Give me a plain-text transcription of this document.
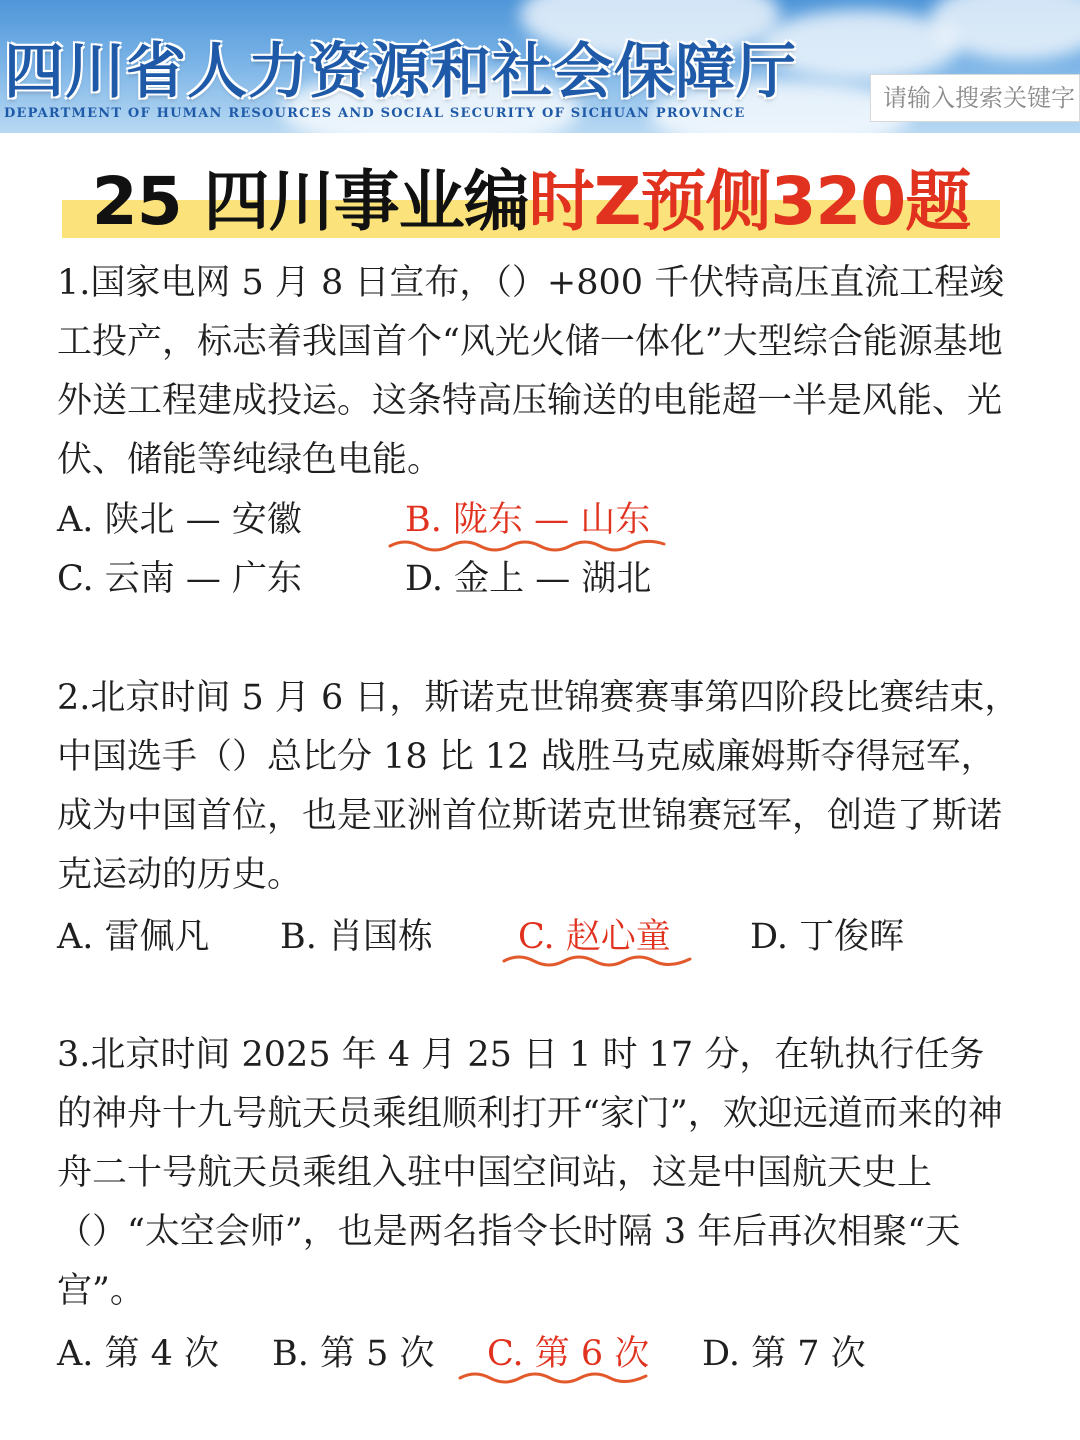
四川省人力资源和社会保障厅
DEPARTMENT OF HUMAN RESOURCES AND SOCIAL SECURITY OF SICHUAN PROVINCE
请输入搜索关键字
25 四川事业编时Z预侧320题

1.国家电网 5 月 8 日宣布，（）+800 千伏特高压直流工程竣工投产，标志着我国首个“风光火储一体化”大型综合能源基地外送工程建成投运。这条特高压输送的电能超一半是风能、光伏、储能等纯绿色电能。

A. 陕北 — 安徽	B. 陇东 — 山东
C. 云南 — 广东	D. 金上 — 湖北

2.北京时间 5 月 6 日，斯诺克世锦赛赛事第四阶段比赛结束，中国选手（）总比分 18 比 12 战胜马克威廉姆斯夺得冠军，成为中国首位，也是亚洲首位斯诺克世锦赛冠军，创造了斯诺克运动的历史。

A. 雷佩凡 B. 肖国栋 C. 赵心童 D. 丁俊晖

3.北京时间 2025 年 4 月 25 日 1 时 17 分，在轨执行任务的神舟十九号航天员乘组顺利打开“家门”，欢迎远道而来的神舟二十号航天员乘组入驻中国空间站，这是中国航天史上（）“太空会师”，也是两名指令长时隔 3 年后再次相聚“天宫”。

A. 第 4 次 B. 第 5 次 C. 第 6 次 D. 第 7 次
